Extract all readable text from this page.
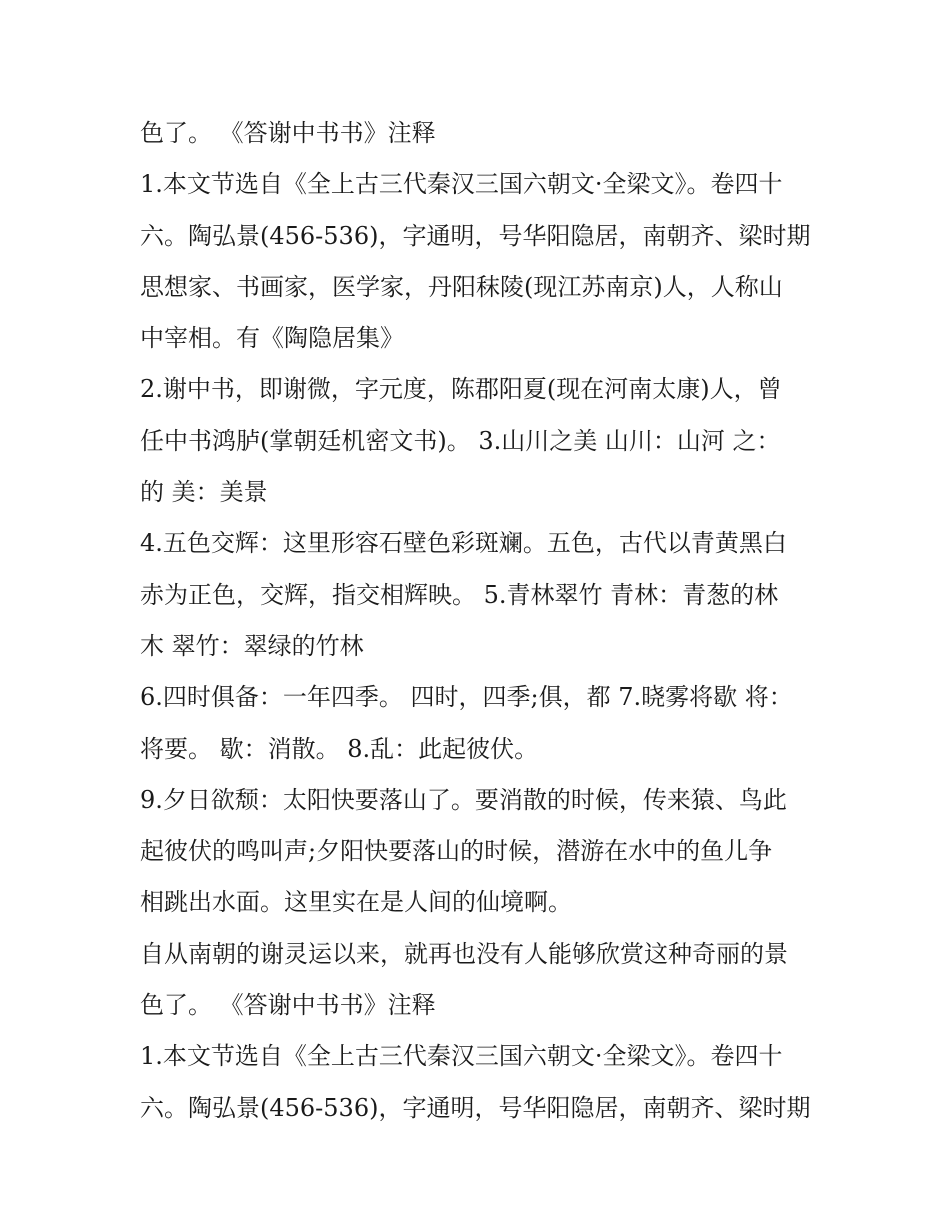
色了。 《答谢中书书》注释
1.本文节选自《全上古三代秦汉三国六朝文·全梁文》。卷四十
六。陶弘景(456-536)，字通明，号华阳隐居，南朝齐、梁时期
思想家、书画家，医学家，丹阳秣陵(现江苏南京)人，人称山
中宰相。有《陶隐居集》
2.谢中书，即谢微，字元度，陈郡阳夏(现在河南太康)人，曾
任中书鸿胪(掌朝廷机密文书)。 3.山川之美 山川：山河 之：
的 美：美景
4.五色交辉：这里形容石壁色彩斑斓。五色，古代以青黄黑白
赤为正色，交辉，指交相辉映。 5.青林翠竹 青林：青葱的林
木 翠竹：翠绿的竹林
6.四时俱备：一年四季。 四时，四季;俱，都 7.晓雾将歇 将：
将要。 歇：消散。 8.乱：此起彼伏。
9.夕日欲颓：太阳快要落山了。要消散的时候，传来猿、鸟此
起彼伏的鸣叫声;夕阳快要落山的时候，潜游在水中的鱼儿争
相跳出水面。这里实在是人间的仙境啊。
自从南朝的谢灵运以来，就再也没有人能够欣赏这种奇丽的景
色了。 《答谢中书书》注释
1.本文节选自《全上古三代秦汉三国六朝文·全梁文》。卷四十
六。陶弘景(456-536)，字通明，号华阳隐居，南朝齐、梁时期
